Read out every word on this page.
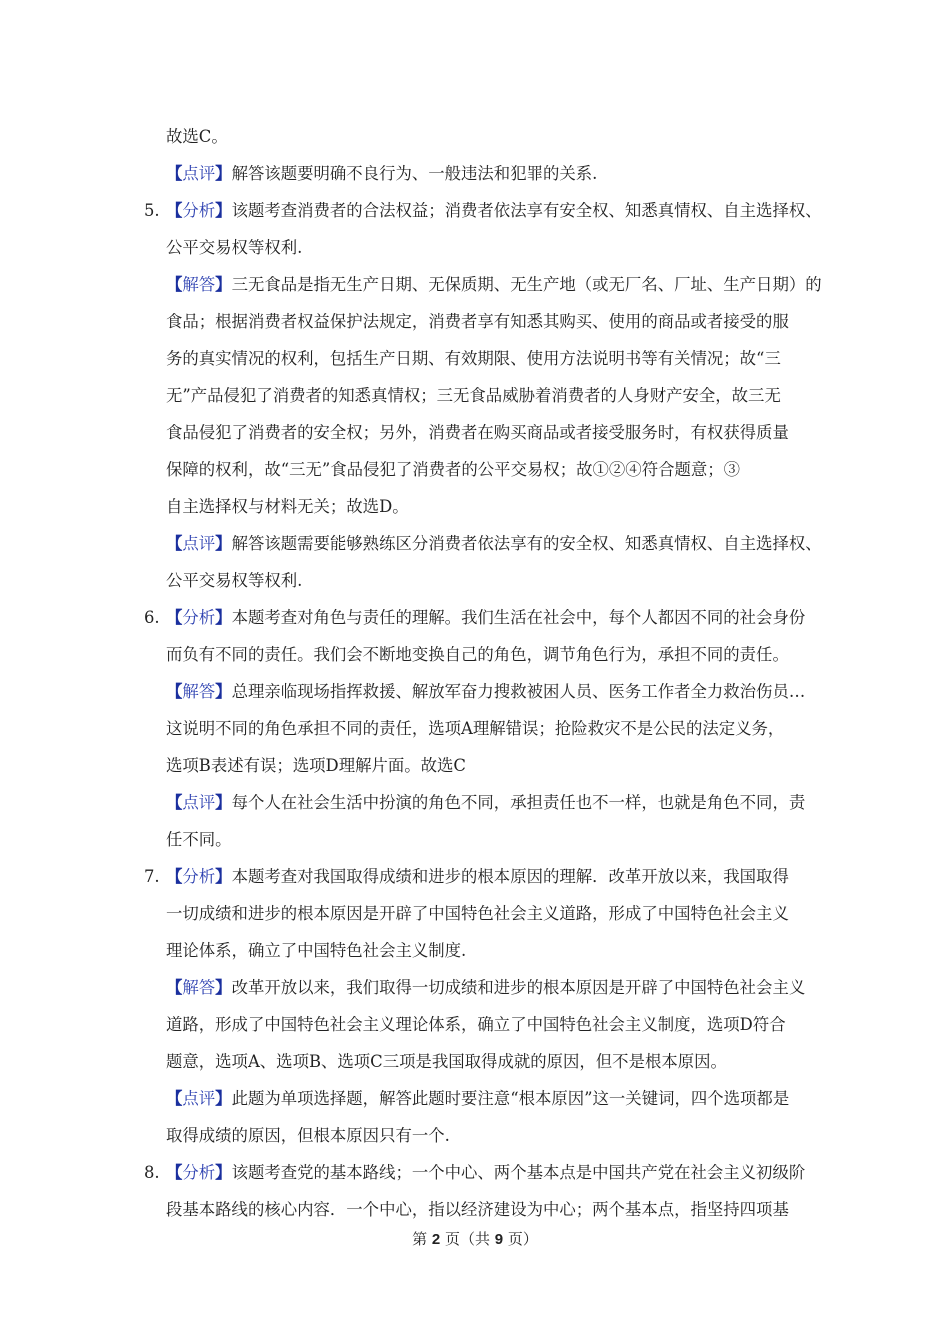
故选C。
【点评】解答该题要明确不良行为、一般违法和犯罪的关系.
5. 【分析】该题考查消费者的合法权益；消费者依法享有安全权、知悉真情权、自主选择权、
公平交易权等权利.
【解答】三无食品是指无生产日期、无保质期、无生产地（或无厂名、厂址、生产日期）的
食品；根据消费者权益保护法规定，消费者享有知悉其购买、使用的商品或者接受的服
务的真实情况的权利，包括生产日期、有效期限、使用方法说明书等有关情况；故“三
无”产品侵犯了消费者的知悉真情权；三无食品威胁着消费者的人身财产安全，故三无
食品侵犯了消费者的安全权；另外，消费者在购买商品或者接受服务时，有权获得质量
保障的权利，故“三无”食品侵犯了消费者的公平交易权；故①②④符合题意；③
自主选择权与材料无关；故选D。
【点评】解答该题需要能够熟练区分消费者依法享有的安全权、知悉真情权、自主选择权、
公平交易权等权利.
6. 【分析】本题考查对角色与责任的理解。我们生活在社会中，每个人都因不同的社会身份
而负有不同的责任。我们会不断地变换自己的角色，调节角色行为，承担不同的责任。
【解答】总理亲临现场指挥救援、解放军奋力搜救被困人员、医务工作者全力救治伤员…
这说明不同的角色承担不同的责任，选项A理解错误；抢险救灾不是公民的法定义务，
选项B表述有误；选项D理解片面。故选C
【点评】每个人在社会生活中扮演的角色不同，承担责任也不一样，也就是角色不同，责
任不同。
7. 【分析】本题考查对我国取得成绩和进步的根本原因的理解．改革开放以来，我国取得
一切成绩和进步的根本原因是开辟了中国特色社会主义道路，形成了中国特色社会主义
理论体系，确立了中国特色社会主义制度.
【解答】改革开放以来，我们取得一切成绩和进步的根本原因是开辟了中国特色社会主义
道路，形成了中国特色社会主义理论体系，确立了中国特色社会主义制度，选项D符合
题意，选项A、选项B、选项C三项是我国取得成就的原因，但不是根本原因。
【点评】此题为单项选择题，解答此题时要注意“根本原因”这一关键词，四个选项都是
取得成绩的原因，但根本原因只有一个.
8. 【分析】该题考查党的基本路线；一个中心、两个基本点是中国共产党在社会主义初级阶
段基本路线的核心内容．一个中心，指以经济建设为中心；两个基本点，指坚持四项基
第 2 页（共 9 页）
